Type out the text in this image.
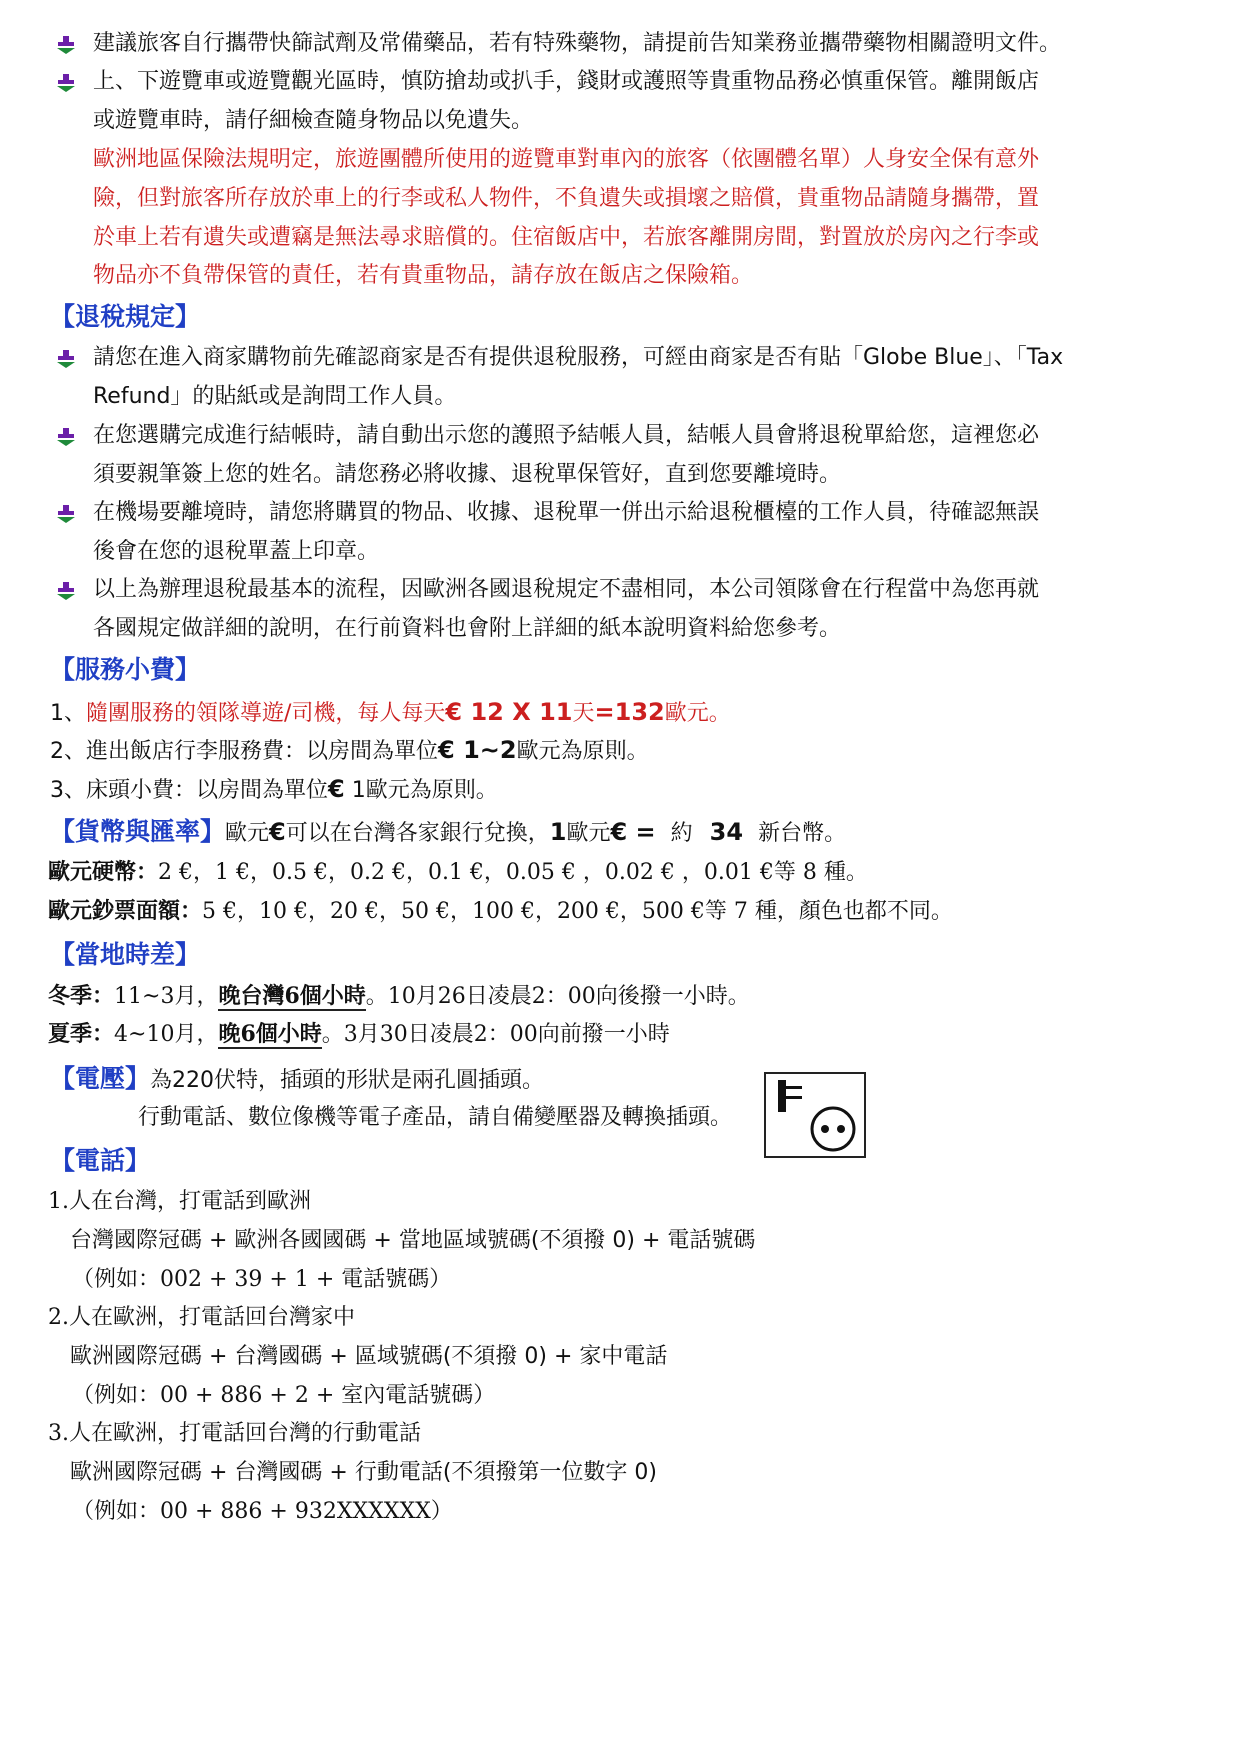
建議旅客自行攜帶快篩試劑及常備藥品，若有特殊藥物，請提前告知業務並攜帶藥物相關證明文件。
上、下遊覽車或遊覽觀光區時，慎防搶劫或扒手，錢財或護照等貴重物品務必慎重保管。離開飯店
或遊覽車時，請仔細檢查隨身物品以免遺失。
歐洲地區保險法規明定，旅遊團體所使用的遊覽車對車內的旅客（依團體名單）人身安全保有意外
險，但對旅客所存放於車上的行李或私人物件，不負遺失或損壞之賠償，貴重物品請隨身攜帶，置
於車上若有遺失或遭竊是無法尋求賠償的。住宿飯店中，若旅客離開房間，對置放於房內之行李或
物品亦不負帶保管的責任，若有貴重物品，請存放在飯店之保險箱。
【退稅規定】
請您在進入商家購物前先確認商家是否有提供退稅服務，可經由商家是否有貼「Globe Blue」、「Tax
Refund」的貼紙或是詢問工作人員。
在您選購完成進行結帳時，請自動出示您的護照予結帳人員，結帳人員會將退稅單給您，這裡您必
須要親筆簽上您的姓名。請您務必將收據、退稅單保管好，直到您要離境時。
在機場要離境時，請您將購買的物品、收據、退稅單一併出示給退稅櫃檯的工作人員，待確認無誤
後會在您的退稅單蓋上印章。
以上為辦理退稅最基本的流程，因歐洲各國退稅規定不盡相同，本公司領隊會在行程當中為您再就
各國規定做詳細的說明，在行前資料也會附上詳細的紙本說明資料給您參考。
【服務小費】
1、隨團服務的領隊導遊/司機，每人每天€ 12 X 11天=132歐元。
2、進出飯店行李服務費：以房間為單位€ 1~2歐元為原則。
3、床頭小費：以房間為單位€ 1歐元為原則。
【貨幣與匯率】歐元€可以在台灣各家銀行兌換，1歐元€ = 約 34 新台幣。
歐元硬幣：2 €，1 €，0.5 €，0.2 €，0.1 €，0.05 € ，0.02 € ，0.01 €等 8 種。
歐元鈔票面額：5 €，10 €，20 €，50 €，100 €，200 €，500 €等 7 種，顏色也都不同。
【當地時差】
冬季：11~3月，晚台灣6個小時。10月26日凌晨2：00向後撥一小時。
夏季：4~10月，晚6個小時。3月30日凌晨2：00向前撥一小時
【電壓】為220伏特，插頭的形狀是兩孔圓插頭。
行動電話、數位像機等電子產品，請自備變壓器及轉換插頭。
【電話】
1.人在台灣，打電話到歐洲
台灣國際冠碼 + 歐洲各國國碼 + 當地區域號碼(不須撥 0) + 電話號碼
（例如：002 + 39 + 1 + 電話號碼）
2.人在歐洲，打電話回台灣家中
歐洲國際冠碼 + 台灣國碼 + 區域號碼(不須撥 0) + 家中電話
（例如：00 + 886 + 2 + 室內電話號碼）
3.人在歐洲，打電話回台灣的行動電話
歐洲國際冠碼 + 台灣國碼 + 行動電話(不須撥第一位數字 0)
（例如：00 + 886 + 932XXXXXX）
